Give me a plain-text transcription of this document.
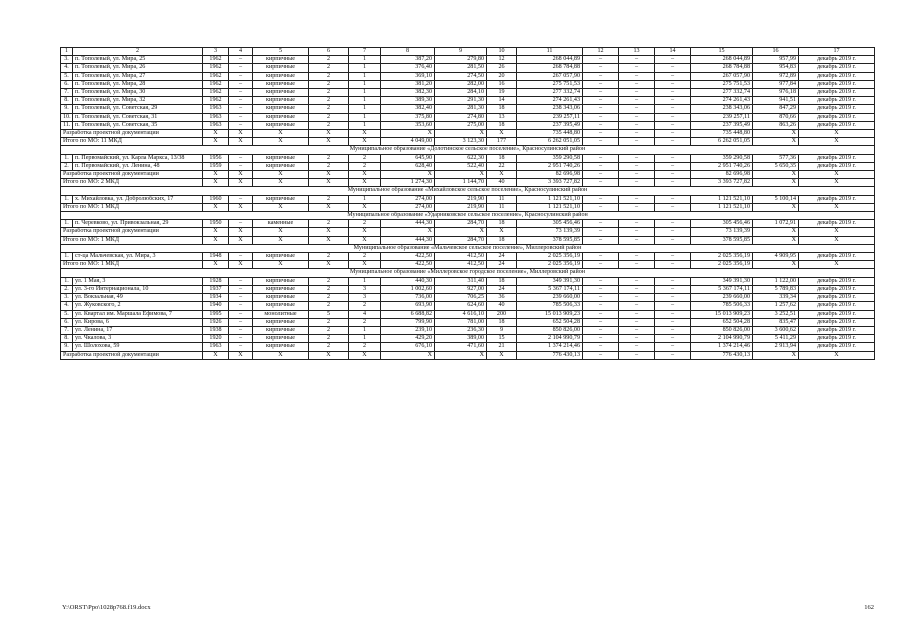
1	2	3	4	5	6	7	8	9	10	11	12	13	14	15	16	17
3.	п. Тополевый, ул. Мира, 25	1962	–	кирпичные	2	1	387,20	279,80	12	268 044,89	–	–	–	268 044,89	957,99	декабрь 2019 г.
4.	п. Тополевый, ул. Мира, 26	1962	–	кирпичные	2	1	376,40	281,50	26	268 784,88	–	–	–	268 784,88	954,83	декабрь 2019 г.
5.	п. Тополевый, ул. Мира, 27	1962	–	кирпичные	2	1	369,10	274,50	20	267 057,90	–	–	–	267 057,90	972,89	декабрь 2019 г.
6.	п. Тополевый, ул. Мира, 28	1962	–	кирпичные	2	1	381,20	282,00	16	275 751,53	–	–	–	275 751,53	977,84	декабрь 2019 г.
7.	п. Тополевый, ул. Мира, 30	1962	–	кирпичные	2	1	382,30	284,10	19	277 332,74	–	–	–	277 332,74	976,18	декабрь 2019 г.
8.	п. Тополевый, ул. Мира, 32	1962	–	кирпичные	2	1	389,30	291,30	14	274 261,43	–	–	–	274 261,43	941,51	декабрь 2019 г.
9.	п. Тополевый, ул. Советская, 29	1963	–	кирпичные	2	1	382,40	281,30	18	238 343,06	–	–	–	238 343,06	847,29	декабрь 2019 г.
10.	п. Тополевый, ул. Советская, 31	1963	–	кирпичные	2	1	375,80	274,80	13	239 257,11	–	–	–	239 257,11	870,66	декабрь 2019 г.
11.	п. Тополевый, ул. Советская, 35	1963	–	кирпичные	2	1	353,60	275,00	18	237 395,49	–	–	–	237 395,49	863,26	декабрь 2019 г.
Разработка проектной документации		X	X	X	X	X	X	X	X	735 448,80	–	–	–	735 448,80	X	X
Итого по МО: 11 МКД		X	X	X	X	X	4 049,00	3 123,30	177	6 262 051,05	–	–	–	6 262 051,05	X	X
Муниципальное образование «Долотинское сельское поселение», Красносулинский район																
1.	п. Первомайский, ул. Карла Маркса, 13/38	1956	–	кирпичные	2	2	645,90	622,30	18	359 290,58	–	–	–	359 290,58	577,36	декабрь 2019 г.
2.	п. Первомайский, ул. Ленина, 48	1959	–	кирпичные	2	2	628,40	522,40	22	2 951 740,26	–	–	–	2 951 740,26	5 650,35	декабрь 2019 г.
Разработка проектной документации		X	X	X	X	X	X	X	X	82 696,98	–	–	–	82 696,98	X	X
Итого по МО: 2 МКД		X	X	X	X	X	1 274,30	1 144,70	40	3 393 727,82	–	–	–	3 393 727,82	X	X
Муниципальное образование «Михайловское сельское поселение», Красносулинский район																
1.	х. Михайловка, ул. Добролюбских, 17	1960	–	кирпичные	2	1	274,00	219,90	11	1 121 521,10	–	–	–	1 121 521,10	5 100,14	декабрь 2019 г.
Итого по МО: 1 МКД		X	X	X	X	X	274,00	219,90	11	1 121 521,10	–	–	–	1 121 521,10	X	X
Муниципальное образование «Ударниковское сельское поселение», Красносулинский район																
1.	п. Черевково, ул. Привокзальная, 29	1950	–	каменные	2	2	444,30	284,70	18	305 456,46	–	–	–	305 456,46	1 072,91	декабрь 2019 г.
Разработка проектной документации		X	X	X	X	X	X	X	X	73 139,39	–	–	–	73 139,39	X	X
Итого по МО: 1 МКД		X	X	X	X	X	444,30	284,70	18	378 595,85	–	–	–	378 595,85	X	X
Муниципальное образование «Мальчевское сельское поселение», Миллеровский район																
1.	ст-ца Мальчевская, ул. Мира, 3	1948	–	кирпичные	2	2	422,50	412,50	24	2 025 356,19	–	–	–	2 025 356,19	4 909,95	декабрь 2019 г.
Итого по МО: 1 МКД		X	X	X	X	X	422,50	412,50	24	2 025 356,19	–	–	–	2 025 356,19	X	X
Муниципальное образование «Миллеровское городское поселение», Миллеровский район																
1.	ул. 1 Мая, 3	1928	–	кирпичные	2	1	440,30	311,40	18	349 391,30	–	–	–	349 391,30	1 122,00	декабрь 2019 г.
2.	ул. 3-го Интернационала, 10	1937	–	кирпичные	2	3	1 002,60	927,00	24	5 367 174,11	–	–	–	5 367 174,11	5 789,83	декабрь 2019 г.
3.	ул. Вокзальная, 49	1934	–	кирпичные	2	3	736,00	706,25	36	239 660,00	–	–	–	239 660,00	339,34	декабрь 2019 г.
4.	ул. Жуковского, 2	1940	–	кирпичные	2	2	693,90	624,60	40	785 506,33	–	–	–	785 506,33	1 257,62	декабрь 2019 г.
5.	ул. Квартал им. Маршала Ефимова, 7	1995	–	монолитные	5	4	6 688,82	4 616,10	200	15 013 909,23	–	–	–	15 013 909,23	3 252,51	декабрь 2019 г.
6.	ул. Кирова, 6	1926	–	кирпичные	2	2	799,90	781,00	18	652 504,28	–	–	–	652 504,28	835,47	декабрь 2019 г.
7.	ул. Ленина, 17	1938	–	кирпичные	2	1	239,10	236,30	9	850 826,00	–	–	–	850 826,00	3 600,62	декабрь 2019 г.
8.	ул. Чкалова, 3	1920	–	кирпичные	2	1	429,20	389,00	15	2 104 990,79	–	–	–	2 104 990,79	5 411,29	декабрь 2019 г.
9.	ул. Шолохова, 59	1963	–	кирпичные	2	2	676,10	471,60	21	1 374 214,46	–	–	–	1 374 214,46	2 913,94	декабрь 2019 г.
Разработка проектной документации		X	X	X	X	X	X	X	X	776 430,13	–	–	–	776 430,13	X	X
Y:\ORST\Ppo\1028p768.f19.docx	162
